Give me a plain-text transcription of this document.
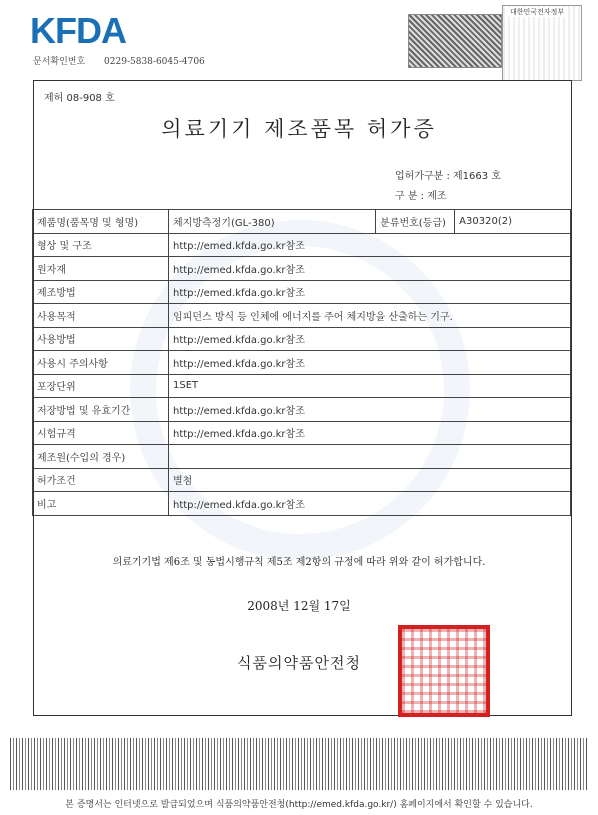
KFDA
문서확인번호 0229-5838-6045-4706
대한민국전자정부
제허 08-908 호
의료기기 제조품목 허가증
업허가구분 : 제1663 호
구 분 : 제조
제품명(품목명 및 형명)	체지방측정기(GL-380)	분류번호(등급)	A30320(2)
형상 및 구조	http://emed.kfda.go.kr참조		
원자재	http://emed.kfda.go.kr참조		
제조방법	http://emed.kfda.go.kr참조		
사용목적	임피던스 방식 등 인체에 에너지를 주어 체지방을 산출하는 기구.		
사용방법	http://emed.kfda.go.kr참조		
사용시 주의사항	http://emed.kfda.go.kr참조		
포장단위	1SET		
저장방법 및 유효기간	http://emed.kfda.go.kr참조		
시험규격	http://emed.kfda.go.kr참조		
제조원(수입의 경우)			
허가조건	별첨		
비고	http://emed.kfda.go.kr참조		
의료기기법 제6조 및 동법시행규칙 제5조 제2항의 규정에 따라 위와 같이 허가합니다.
2008년 12월 17일
식품의약품안전청
본 증명서는 인터넷으로 발급되었으며 식품의약품안전청(http://emed.kfda.go.kr/) 홈페이지에서 확인할 수 있습니다.
